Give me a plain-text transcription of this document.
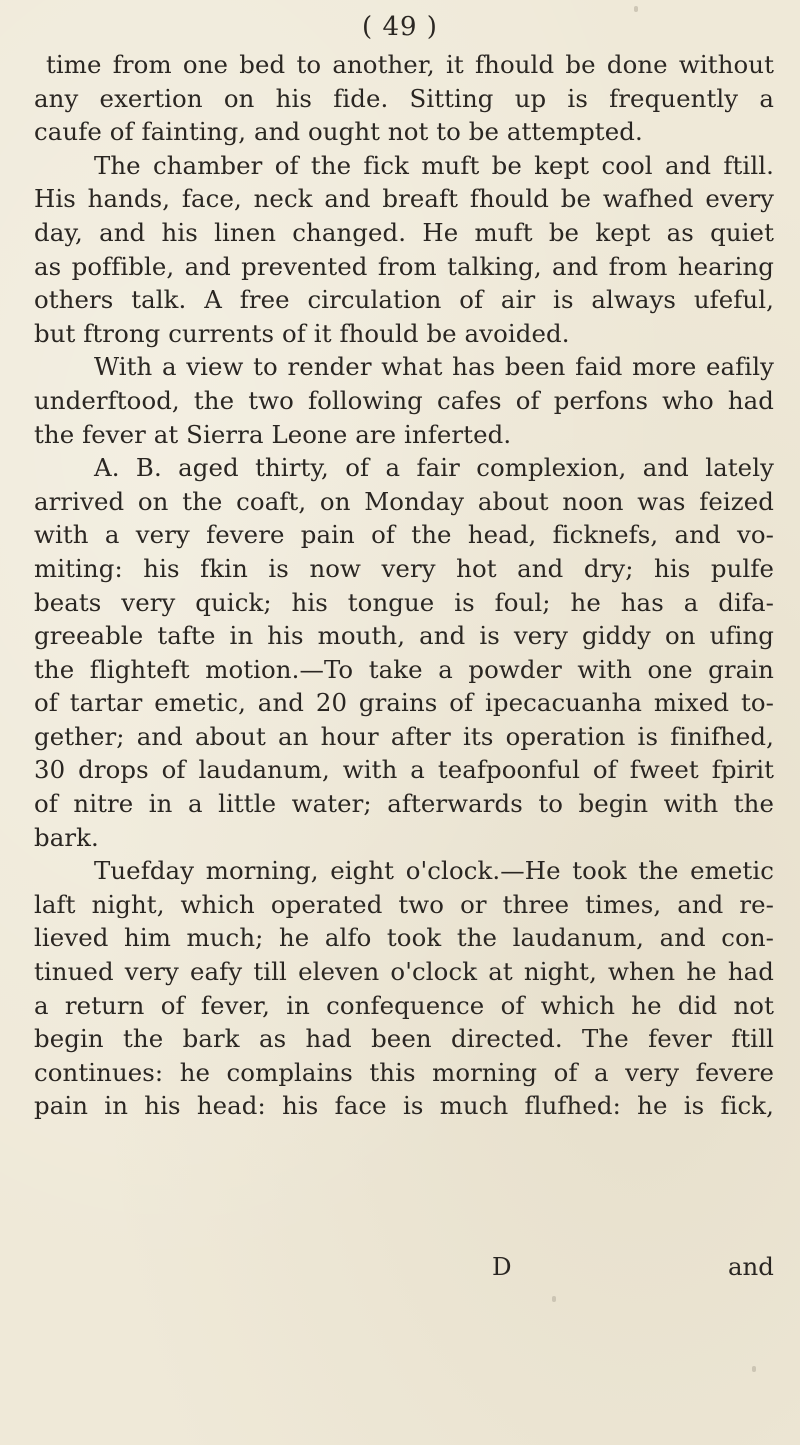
( 49 )
time from one bed to another, it fhould be done without
any exertion on his fide. Sitting up is frequently a
caufe of fainting, and ought not to be attempted.
The chamber of the fick muft be kept cool and ftill.
His hands, face, neck and breaft fhould be wafhed every
day, and his linen changed. He muft be kept as quiet
as poffible, and prevented from talking, and from hearing
others talk. A free circulation of air is always ufeful,
but ftrong currents of it fhould be avoided.
With a view to render what has been faid more eafily
underftood, the two following cafes of perfons who had
the fever at Sierra Leone are inferted.
A. B. aged thirty, of a fair complexion, and lately
arrived on the coaft, on Monday about noon was feized
with a very fevere pain of the head, ficknefs, and vo-
miting: his fkin is now very hot and dry; his pulfe
beats very quick; his tongue is foul; he has a difa-
greeable tafte in his mouth, and is very giddy on ufing
the flighteft motion.—To take a powder with one grain
of tartar emetic, and 20 grains of ipecacuanha mixed to-
gether; and about an hour after its operation is finifhed,
30 drops of laudanum, with a teafpoonful of fweet fpirit
of nitre in a little water; afterwards to begin with the
bark.
Tuefday morning, eight o'clock.—He took the emetic
laft night, which operated two or three times, and re-
lieved him much; he alfo took the laudanum, and con-
tinued very eafy till eleven o'clock at night, when he had
a return of fever, in confequence of which he did not
begin the bark as had been directed. The fever ftill
continues: he complains this morning of a very fevere
pain in his head: his face is much flufhed: he is fick,
D	and
